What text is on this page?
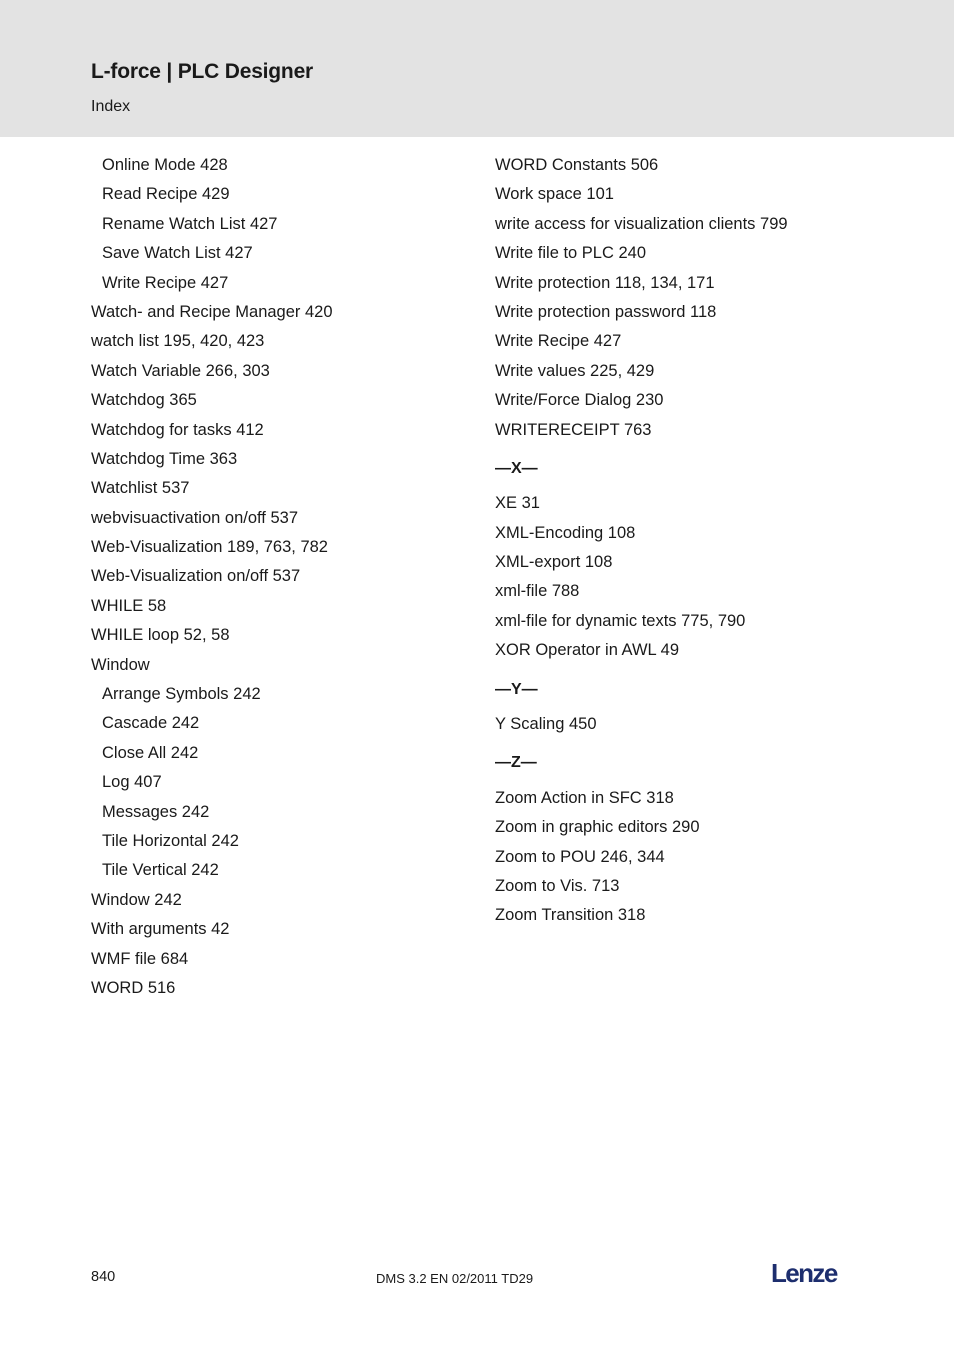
L-force | PLC Designer
Index
Online Mode 428
Read Recipe 429
Rename Watch List 427
Save Watch List 427
Write Recipe 427
Watch- and Recipe Manager 420
watch list 195, 420, 423
Watch Variable 266, 303
Watchdog 365
Watchdog for tasks 412
Watchdog Time 363
Watchlist 537
webvisuactivation on/off 537
Web-Visualization 189, 763, 782
Web-Visualization on/off 537
WHILE 58
WHILE loop 52, 58
Window
Arrange Symbols 242
Cascade 242
Close All 242
Log 407
Messages 242
Tile Horizontal 242
Tile Vertical 242
Window 242
With arguments 42
WMF file 684
WORD 516
WORD Constants 506
Work space 101
write access for visualization clients 799
Write file to PLC 240
Write protection 118, 134, 171
Write protection password 118
Write Recipe 427
Write values 225, 429
Write/Force Dialog 230
WRITERECEIPT 763
—X—
XE 31
XML-Encoding 108
XML-export 108
xml-file 788
xml-file for dynamic texts 775, 790
XOR Operator in AWL 49
—Y—
Y Scaling 450
—Z—
Zoom Action in SFC 318
Zoom in graphic editors 290
Zoom to POU 246, 344
Zoom to Vis. 713
Zoom Transition 318
840	DMS 3.2 EN 02/2011 TD29	Lenze
